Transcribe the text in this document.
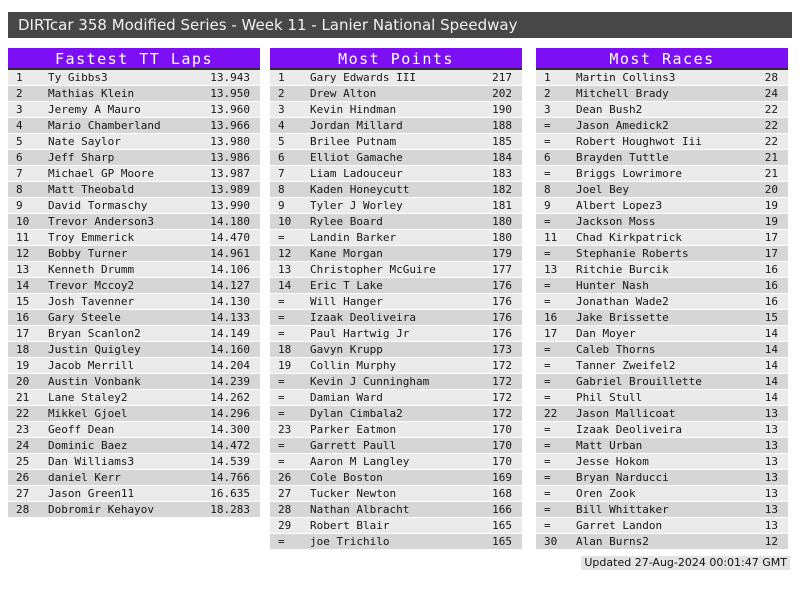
DIRTcar 358 Modified Series - Week 11 - Lanier National Speedway
Fastest TT Laps
1	Ty Gibbs3	13.943
2	Mathias Klein	13.950
3	Jeremy A Mauro	13.960
4	Mario Chamberland	13.966
5	Nate Saylor	13.980
6	Jeff Sharp	13.986
7	Michael GP Moore	13.987
8	Matt Theobald	13.989
9	David Tormaschy	13.990
10	Trevor Anderson3	14.180
11	Troy Emmerick	14.470
12	Bobby Turner	14.961
13	Kenneth Drumm	14.106
14	Trevor Mccoy2	14.127
15	Josh Tavenner	14.130
16	Gary Steele	14.133
17	Bryan Scanlon2	14.149
18	Justin Quigley	14.160
19	Jacob Merrill	14.204
20	Austin Vonbank	14.239
21	Lane Staley2	14.262
22	Mikkel Gjoel	14.296
23	Geoff Dean	14.300
24	Dominic Baez	14.472
25	Dan Williams3	14.539
26	daniel Kerr	14.766
27	Jason Green11	16.635
28	Dobromir Kehayov	18.283
Most Points
1	Gary Edwards III	217
2	Drew Alton	202
3	Kevin Hindman	190
4	Jordan Millard	188
5	Brilee Putnam	185
6	Elliot Gamache	184
7	Liam Ladouceur	183
8	Kaden Honeycutt	182
9	Tyler J Worley	181
10	Rylee Board	180
=	Landin Barker	180
12	Kane Morgan	179
13	Christopher McGuire	177
14	Eric T Lake	176
=	Will Hanger	176
=	Izaak Deoliveira	176
=	Paul Hartwig Jr	176
18	Gavyn Krupp	173
19	Collin Murphy	172
=	Kevin J Cunningham	172
=	Damian Ward	172
=	Dylan Cimbala2	172
23	Parker Eatmon	170
=	Garrett Paull	170
=	Aaron M Langley	170
26	Cole Boston	169
27	Tucker Newton	168
28	Nathan Albracht	166
29	Robert Blair	165
=	joe Trichilo	165
Most Races
1	Martin Collins3	28
2	Mitchell Brady	24
3	Dean Bush2	22
=	Jason Amedick2	22
=	Robert Houghwot Iii	22
6	Brayden Tuttle	21
=	Briggs Lowrimore	21
8	Joel Bey	20
9	Albert Lopez3	19
=	Jackson Moss	19
11	Chad Kirkpatrick	17
=	Stephanie Roberts	17
13	Ritchie Burcik	16
=	Hunter Nash	16
=	Jonathan Wade2	16
16	Jake Brissette	15
17	Dan Moyer	14
=	Caleb Thorns	14
=	Tanner Zweifel2	14
=	Gabriel Brouillette	14
=	Phil Stull	14
22	Jason Mallicoat	13
=	Izaak Deoliveira	13
=	Matt Urban	13
=	Jesse Hokom	13
=	Bryan Narducci	13
=	Oren Zook	13
=	Bill Whittaker	13
=	Garret Landon	13
30	Alan Burns2	12
Updated 27-Aug-2024 00:01:47 GMT
